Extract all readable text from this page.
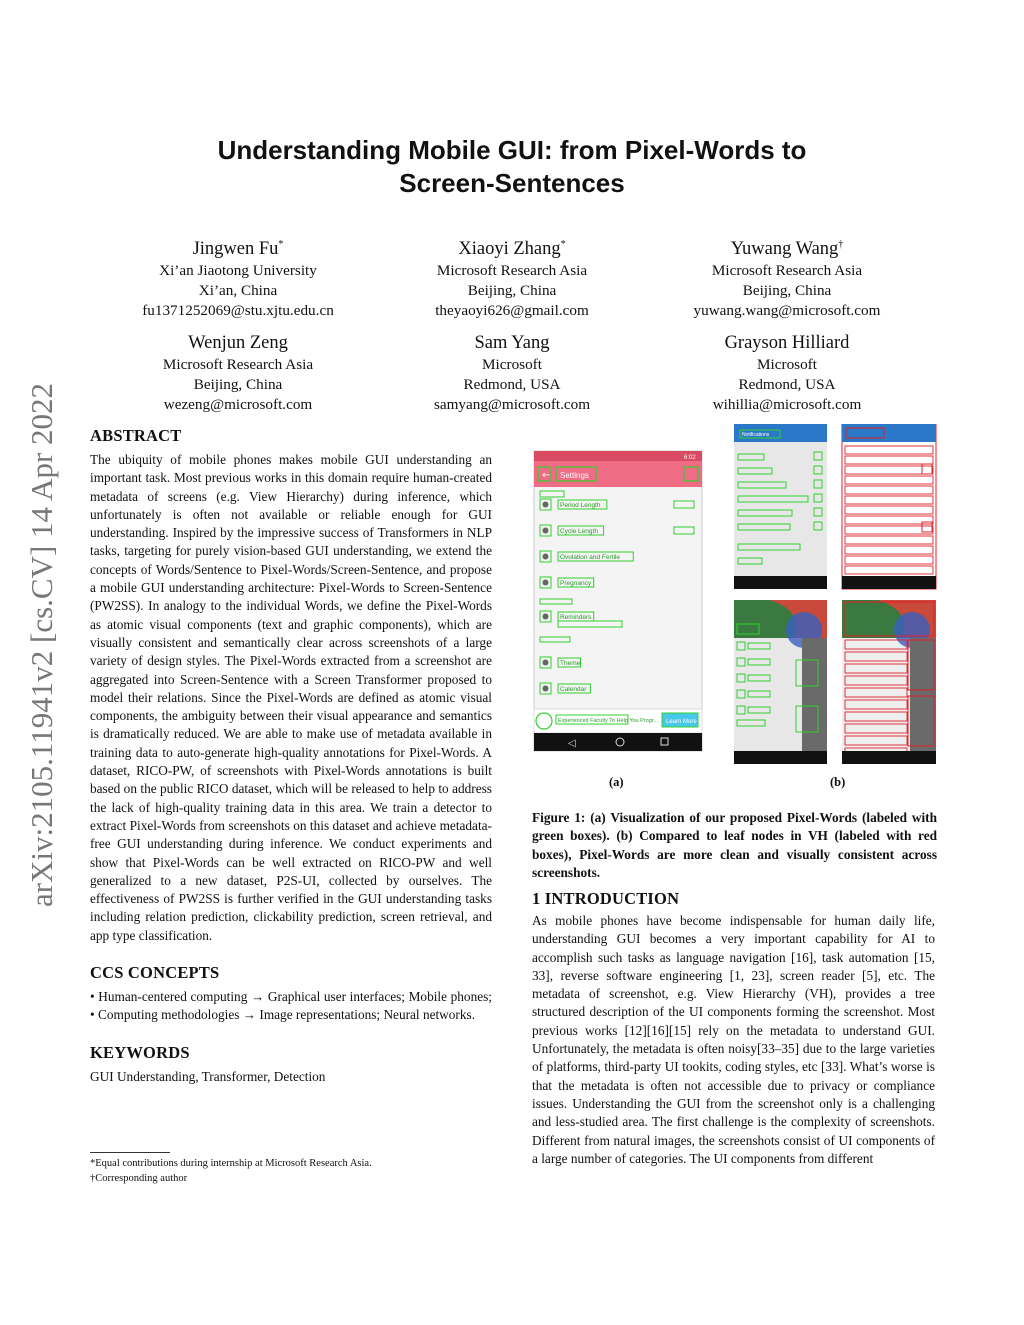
arXiv:2105.11941v2 [cs.CV] 14 Apr 2022
Understanding Mobile GUI: from Pixel-Words to
Screen-Sentences
Jingwen Fu*
Xi’an Jiaotong University
Xi’an, China
fu1371252069@stu.xjtu.edu.cn
Xiaoyi Zhang*
Microsoft Research Asia
Beijing, China
theyaoyi626@gmail.com
Yuwang Wang†
Microsoft Research Asia
Beijing, China
yuwang.wang@microsoft.com
Wenjun Zeng
Microsoft Research Asia
Beijing, China
wezeng@microsoft.com
Sam Yang
Microsoft
Redmond, USA
samyang@microsoft.com
Grayson Hilliard
Microsoft
Redmond, USA
wihillia@microsoft.com
ABSTRACT
The ubiquity of mobile phones makes mobile GUI understanding an important task. Most previous works in this domain require human-created metadata of screens (e.g. View Hierarchy) during inference, which unfortunately is often not available or reliable enough for GUI understanding. Inspired by the impressive success of Transformers in NLP tasks, targeting for purely vision-based GUI understanding, we extend the concepts of Words/Sentence to Pixel-Words/Screen-Sentence, and propose a mobile GUI understanding architecture: Pixel-Words to Screen-Sentence (PW2SS). In analogy to the individual Words, we define the Pixel-Words as atomic visual components (text and graphic components), which are visually consistent and semantically clear across screenshots of a large variety of design styles. The Pixel-Words extracted from a screenshot are aggregated into Screen-Sentence with a Screen Transformer proposed to model their relations. Since the Pixel-Words are defined as atomic visual components, the ambiguity between their visual appearance and semantics is dramatically reduced. We are able to make use of metadata available in training data to auto-generate high-quality annotations for Pixel-Words. A dataset, RICO-PW, of screenshots with Pixel-Words annotations is built based on the public RICO dataset, which will be released to help to address the lack of high-quality training data in this area. We train a detector to extract Pixel-Words from screenshots on this dataset and achieve metadata-free GUI understanding during inference. We conduct experiments and show that Pixel-Words can be well extracted on RICO-PW and well generalized to a new dataset, P2S-UI, collected by ourselves. The effectiveness of PW2SS is further verified in the GUI understanding tasks including relation prediction, clickability prediction, screen retrieval, and app type classification.
CCS CONCEPTS
• Human-centered computing → Graphical user interfaces; Mobile phones; • Computing methodologies → Image representations; Neural networks.
KEYWORDS
GUI Understanding, Transformer, Detection
*Equal contributions during internship at Microsoft Research Asia.
†Corresponding author
6:02
← Settings
Period Length
Cycle Length
Ovulation and Fertile
Pregnancy
Reminders
Theme
Calendar
Experienced Faculty To Help You Progr... Learn More
◁
Notifications
(a)	(b)
Figure 1: (a) Visualization of our proposed Pixel-Words (labeled with green boxes). (b) Compared to leaf nodes in VH (labeled with red boxes), Pixel-Words are more clean and visually consistent across screenshots.
1 INTRODUCTION
As mobile phones have become indispensable for human daily life, understanding GUI becomes a very important capability for AI to accomplish such tasks as language navigation [16], task automation [15, 33], reverse software engineering [1, 23], screen reader [5], etc. The metadata of screenshot, e.g. View Hierarchy (VH), provides a tree structured description of the UI components forming the screenshot. Most previous works [12][16][15] rely on the metadata to understand GUI. Unfortunately, the metadata is often noisy[33–35] due to the large varieties of platforms, third-party UI tookits, coding styles, etc [33]. What’s worse is that the metadata is often not accessible due to privacy or compliance issues. Understanding the GUI from the screenshot only is a challenging and less-studied area. The first challenge is the complexity of screenshots. Different from natural images, the screenshots consist of UI components of a large number of categories. The UI components from different
